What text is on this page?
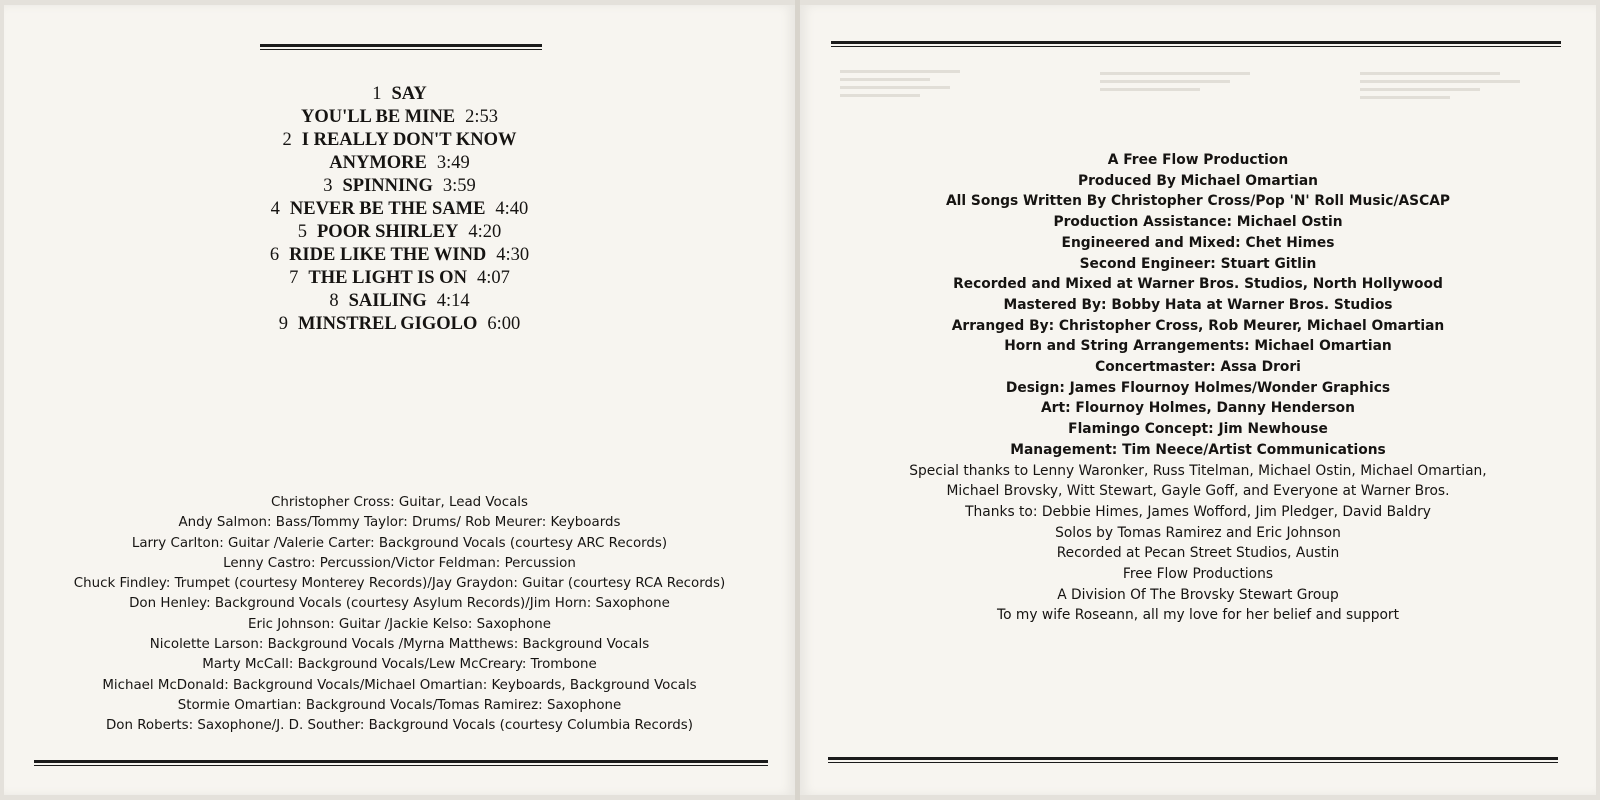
1 SAY
YOU'LL BE MINE 2:53
2 I REALLY DON'T KNOW
ANYMORE 3:49
3 SPINNING 3:59
4 NEVER BE THE SAME 4:40
5 POOR SHIRLEY 4:20
6 RIDE LIKE THE WIND 4:30
7 THE LIGHT IS ON 4:07
8 SAILING 4:14
9 MINSTREL GIGOLO 6:00
Christopher Cross: Guitar, Lead Vocals
Andy Salmon: Bass/Tommy Taylor: Drums/ Rob Meurer: Keyboards
Larry Carlton: Guitar /Valerie Carter: Background Vocals (courtesy ARC Records)
Lenny Castro: Percussion/Victor Feldman: Percussion
Chuck Findley: Trumpet (courtesy Monterey Records)/Jay Graydon: Guitar (courtesy RCA Records)
Don Henley: Background Vocals (courtesy Asylum Records)/Jim Horn: Saxophone
Eric Johnson: Guitar /Jackie Kelso: Saxophone
Nicolette Larson: Background Vocals /Myrna Matthews: Background Vocals
Marty McCall: Background Vocals/Lew McCreary: Trombone
Michael McDonald: Background Vocals/Michael Omartian: Keyboards, Background Vocals
Stormie Omartian: Background Vocals/Tomas Ramirez: Saxophone
Don Roberts: Saxophone/J. D. Souther: Background Vocals (courtesy Columbia Records)
A Free Flow Production
Produced By Michael Omartian
All Songs Written By Christopher Cross/Pop 'N' Roll Music/ASCAP
Production Assistance: Michael Ostin
Engineered and Mixed: Chet Himes
Second Engineer: Stuart Gitlin
Recorded and Mixed at Warner Bros. Studios, North Hollywood
Mastered By: Bobby Hata at Warner Bros. Studios
Arranged By: Christopher Cross, Rob Meurer, Michael Omartian
Horn and String Arrangements: Michael Omartian
Concertmaster: Assa Drori
Design: James Flournoy Holmes/Wonder Graphics
Art: Flournoy Holmes, Danny Henderson
Flamingo Concept: Jim Newhouse
Management: Tim Neece/Artist Communications
Special thanks to Lenny Waronker, Russ Titelman, Michael Ostin, Michael Omartian,
Michael Brovsky, Witt Stewart, Gayle Goff, and Everyone at Warner Bros.
Thanks to: Debbie Himes, James Wofford, Jim Pledger, David Baldry
Solos by Tomas Ramirez and Eric Johnson
Recorded at Pecan Street Studios, Austin
Free Flow Productions
A Division Of The Brovsky Stewart Group
To my wife Roseann, all my love for her belief and support
